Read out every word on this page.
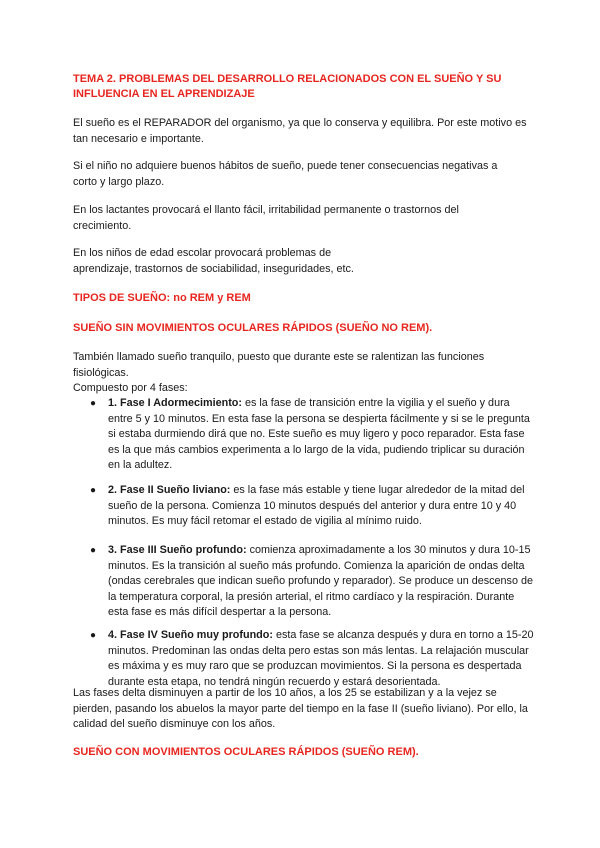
TEMA 2. PROBLEMAS DEL DESARROLLO RELACIONADOS CON EL SUEÑO Y SU INFLUENCIA EN EL APRENDIZAJE

El sueño es el REPARADOR del organismo, ya que lo conserva y equilibra. Por este motivo es tan necesario e importante.

Si el niño no adquiere buenos hábitos de sueño, puede tener consecuencias negativas a corto y largo plazo.

En los lactantes provocará el llanto fácil, irritabilidad permanente o trastornos del crecimiento.

En los niños de edad escolar provocará problemas de aprendizaje, trastornos de sociabilidad, inseguridades, etc.

TIPOS DE SUEÑO: no REM y REM
SUEÑO SIN MOVIMIENTOS OCULARES RÁPIDOS (SUEÑO NO REM).

También llamado sueño tranquilo, puesto que durante este se ralentizan las funciones fisiológicas.

Compuesto por 4 fases:

● 1. Fase I Adormecimiento: es la fase de transición entre la vigilia y el sueño y dura entre 5 y 10 minutos. En esta fase la persona se despierta fácilmente y si se le pregunta si estaba durmiendo dirá que no. Este sueño es muy ligero y poco reparador. Esta fase es la que más cambios experimenta a lo largo de la vida, pudiendo triplicar su duración en la adultez.
● 2. Fase II Sueño liviano: es la fase más estable y tiene lugar alrededor de la mitad del sueño de la persona. Comienza 10 minutos después del anterior y dura entre 10 y 40 minutos. Es muy fácil retomar el estado de vigilia al mínimo ruido.
● 3. Fase III Sueño profundo: comienza aproximadamente a los 30 minutos y dura 10-15 minutos. Es la transición al sueño más profundo. Comienza la aparición de ondas delta (ondas cerebrales que indican sueño profundo y reparador). Se produce un descenso de la temperatura corporal, la presión arterial, el ritmo cardíaco y la respiración. Durante esta fase es más difícil despertar a la persona.
● 4. Fase IV Sueño muy profundo: esta fase se alcanza después y dura en torno a 15-20 minutos. Predominan las ondas delta pero estas son más lentas. La relajación muscular es máxima y es muy raro que se produzcan movimientos. Si la persona es despertada durante esta etapa, no tendrá ningún recuerdo y estará desorientada.

Las fases delta disminuyen a partir de los 10 años, a los 25 se estabilizan y a la vejez se pierden, pasando los abuelos la mayor parte del tiempo en la fase II (sueño liviano). Por ello, la calidad del sueño disminuye con los años.

SUEÑO CON MOVIMIENTOS OCULARES RÁPIDOS (SUEÑO REM).
